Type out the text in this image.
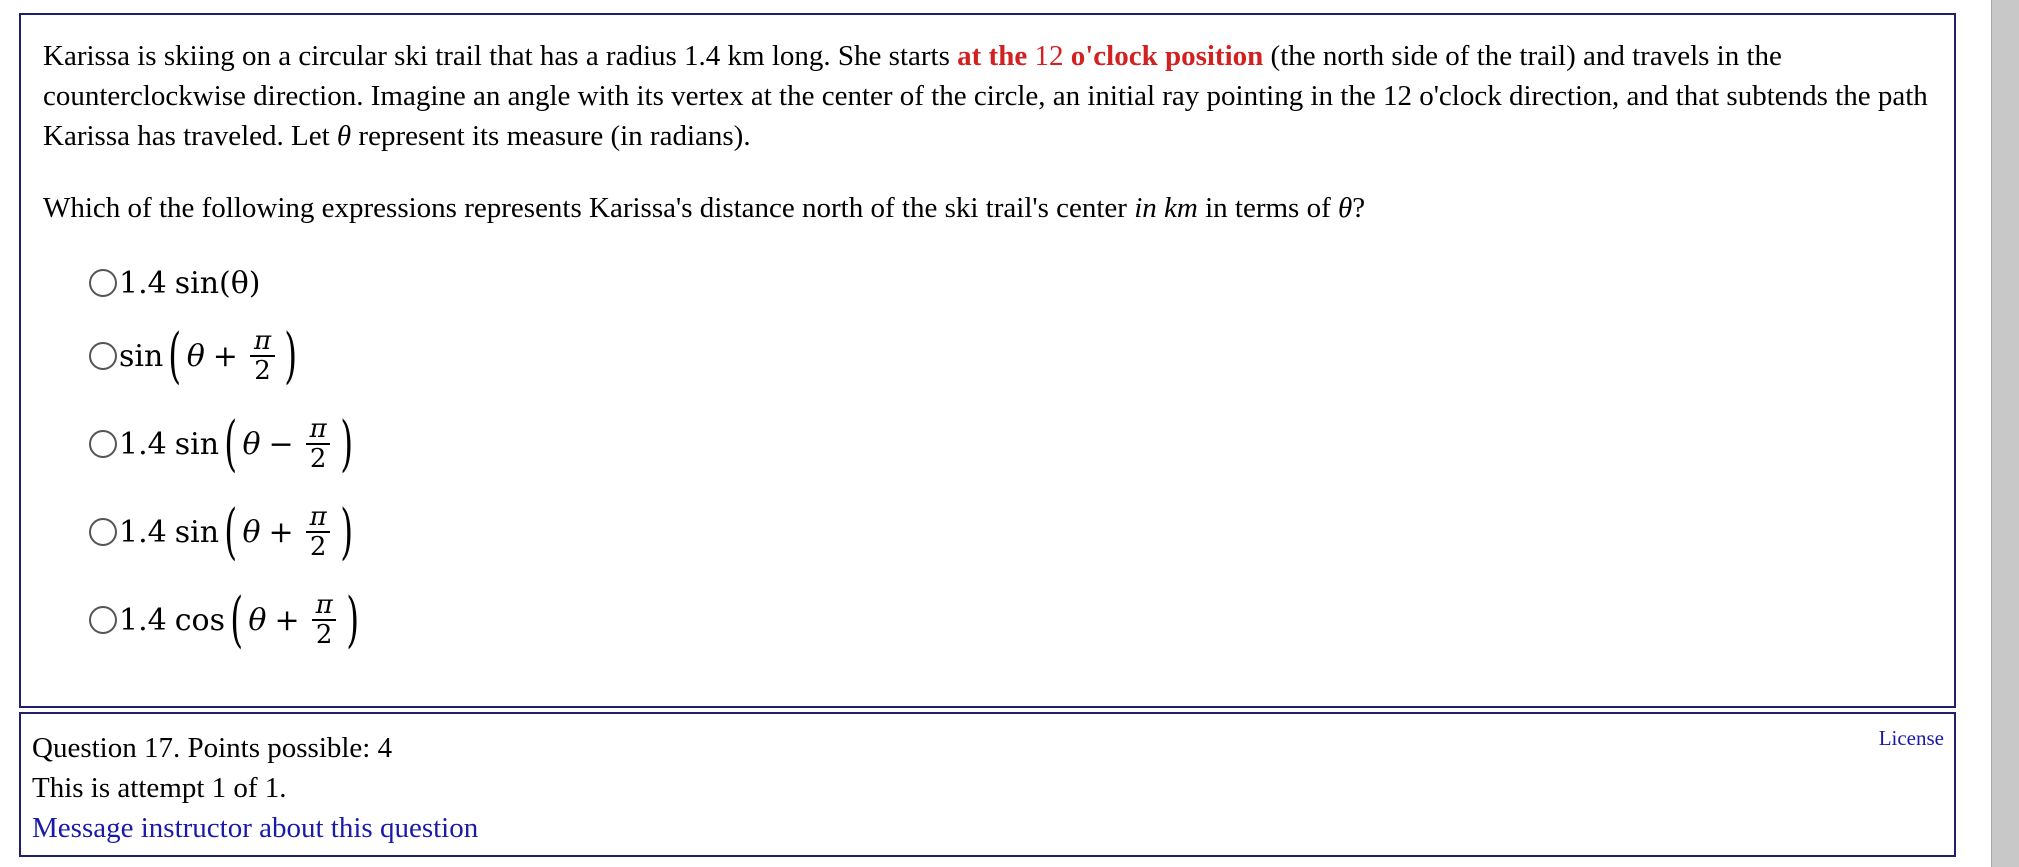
Karissa is skiing on a circular ski trail that has a radius 1.4 km long. She starts at the 12 o'clock position (the north side of the trail) and travels in the counterclockwise direction. Imagine an angle with its vertex at the center of the circle, an initial ray pointing in the 12 o'clock direction, and that subtends the path Karissa has traveled. Let θ represent its measure (in radians).

Which of the following expressions represents Karissa's distance north of the ski trail's center in km in terms of θ?

1.4 sin (θ)
sin ( $\theta + \frac{\pi}{2}$ )
1.4 sin ( $\theta - \frac{\pi}{2}$ )
1.4 sin ( $\theta + \frac{\pi}{2}$ )
1.4 cos ( $\theta + \frac{\pi}{2}$ )
Question 17. Points possible: 4
This is attempt 1 of 1.
Message instructor about this question
License
